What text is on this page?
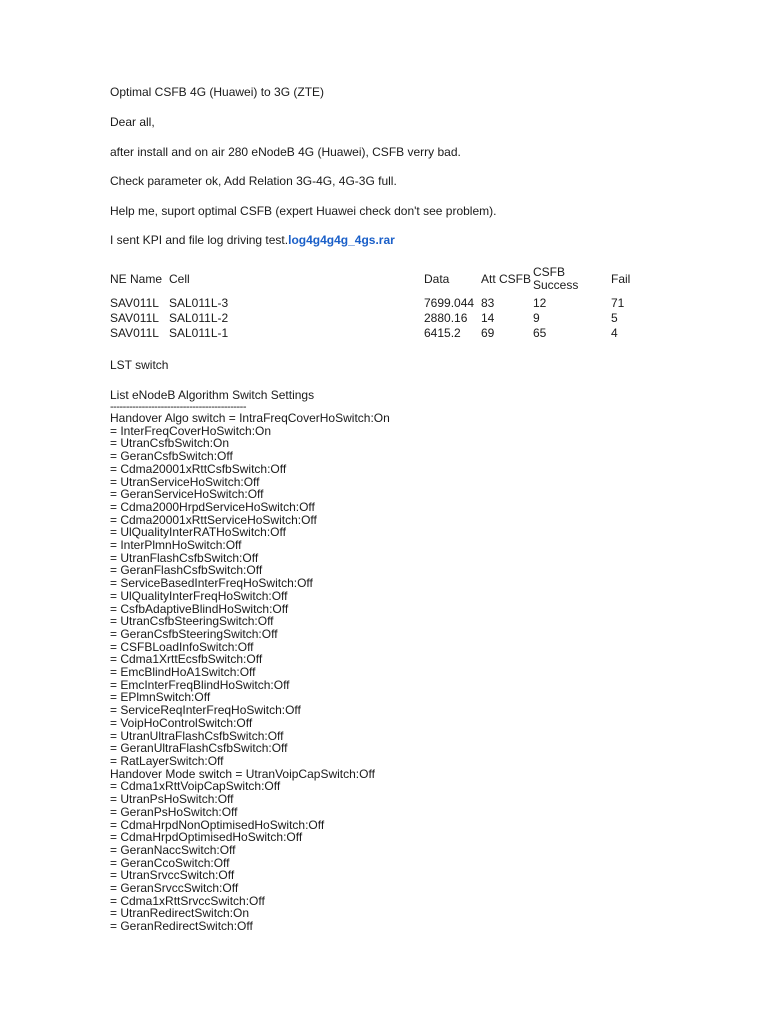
Optimal CSFB 4G (Huawei) to 3G (ZTE)
Dear all,
after install and on air 280 eNodeB 4G (Huawei), CSFB verry bad.
Check parameter ok, Add Relation 3G-4G, 4G-3G full.
Help me, suport optimal CSFB (expert Huawei check don't see problem).
I sent KPI and file log driving test.log4g4g4g_4gs.rar
NE Name Cell	Data	Att CSFB CSFB
Success	Fail
SAV011L SAL011L-3	7699.044 83	12	71
SAV011L SAL011L-2	2880.16 14	9	5
SAV011L SAL011L-1	6415.2 69	65	4
LST switch
List eNodeB Algorithm Switch Settings
-------------------------------------------
Handover Algo switch = IntraFreqCoverHoSwitch:On
= InterFreqCoverHoSwitch:On
= UtranCsfbSwitch:On
= GeranCsfbSwitch:Off
= Cdma20001xRttCsfbSwitch:Off
= UtranServiceHoSwitch:Off
= GeranServiceHoSwitch:Off
= Cdma2000HrpdServiceHoSwitch:Off
= Cdma20001xRttServiceHoSwitch:Off
= UlQualityInterRATHoSwitch:Off
= InterPlmnHoSwitch:Off
= UtranFlashCsfbSwitch:Off
= GeranFlashCsfbSwitch:Off
= ServiceBasedInterFreqHoSwitch:Off
= UlQualityInterFreqHoSwitch:Off
= CsfbAdaptiveBlindHoSwitch:Off
= UtranCsfbSteeringSwitch:Off
= GeranCsfbSteeringSwitch:Off
= CSFBLoadInfoSwitch:Off
= Cdma1XrttEcsfbSwitch:Off
= EmcBlindHoA1Switch:Off
= EmcInterFreqBlindHoSwitch:Off
= EPlmnSwitch:Off
= ServiceReqInterFreqHoSwitch:Off
= VoipHoControlSwitch:Off
= UtranUltraFlashCsfbSwitch:Off
= GeranUltraFlashCsfbSwitch:Off
= RatLayerSwitch:Off
Handover Mode switch = UtranVoipCapSwitch:Off
= Cdma1xRttVoipCapSwitch:Off
= UtranPsHoSwitch:Off
= GeranPsHoSwitch:Off
= CdmaHrpdNonOptimisedHoSwitch:Off
= CdmaHrpdOptimisedHoSwitch:Off
= GeranNaccSwitch:Off
= GeranCcoSwitch:Off
= UtranSrvccSwitch:Off
= GeranSrvccSwitch:Off
= Cdma1xRttSrvccSwitch:Off
= UtranRedirectSwitch:On
= GeranRedirectSwitch:Off
